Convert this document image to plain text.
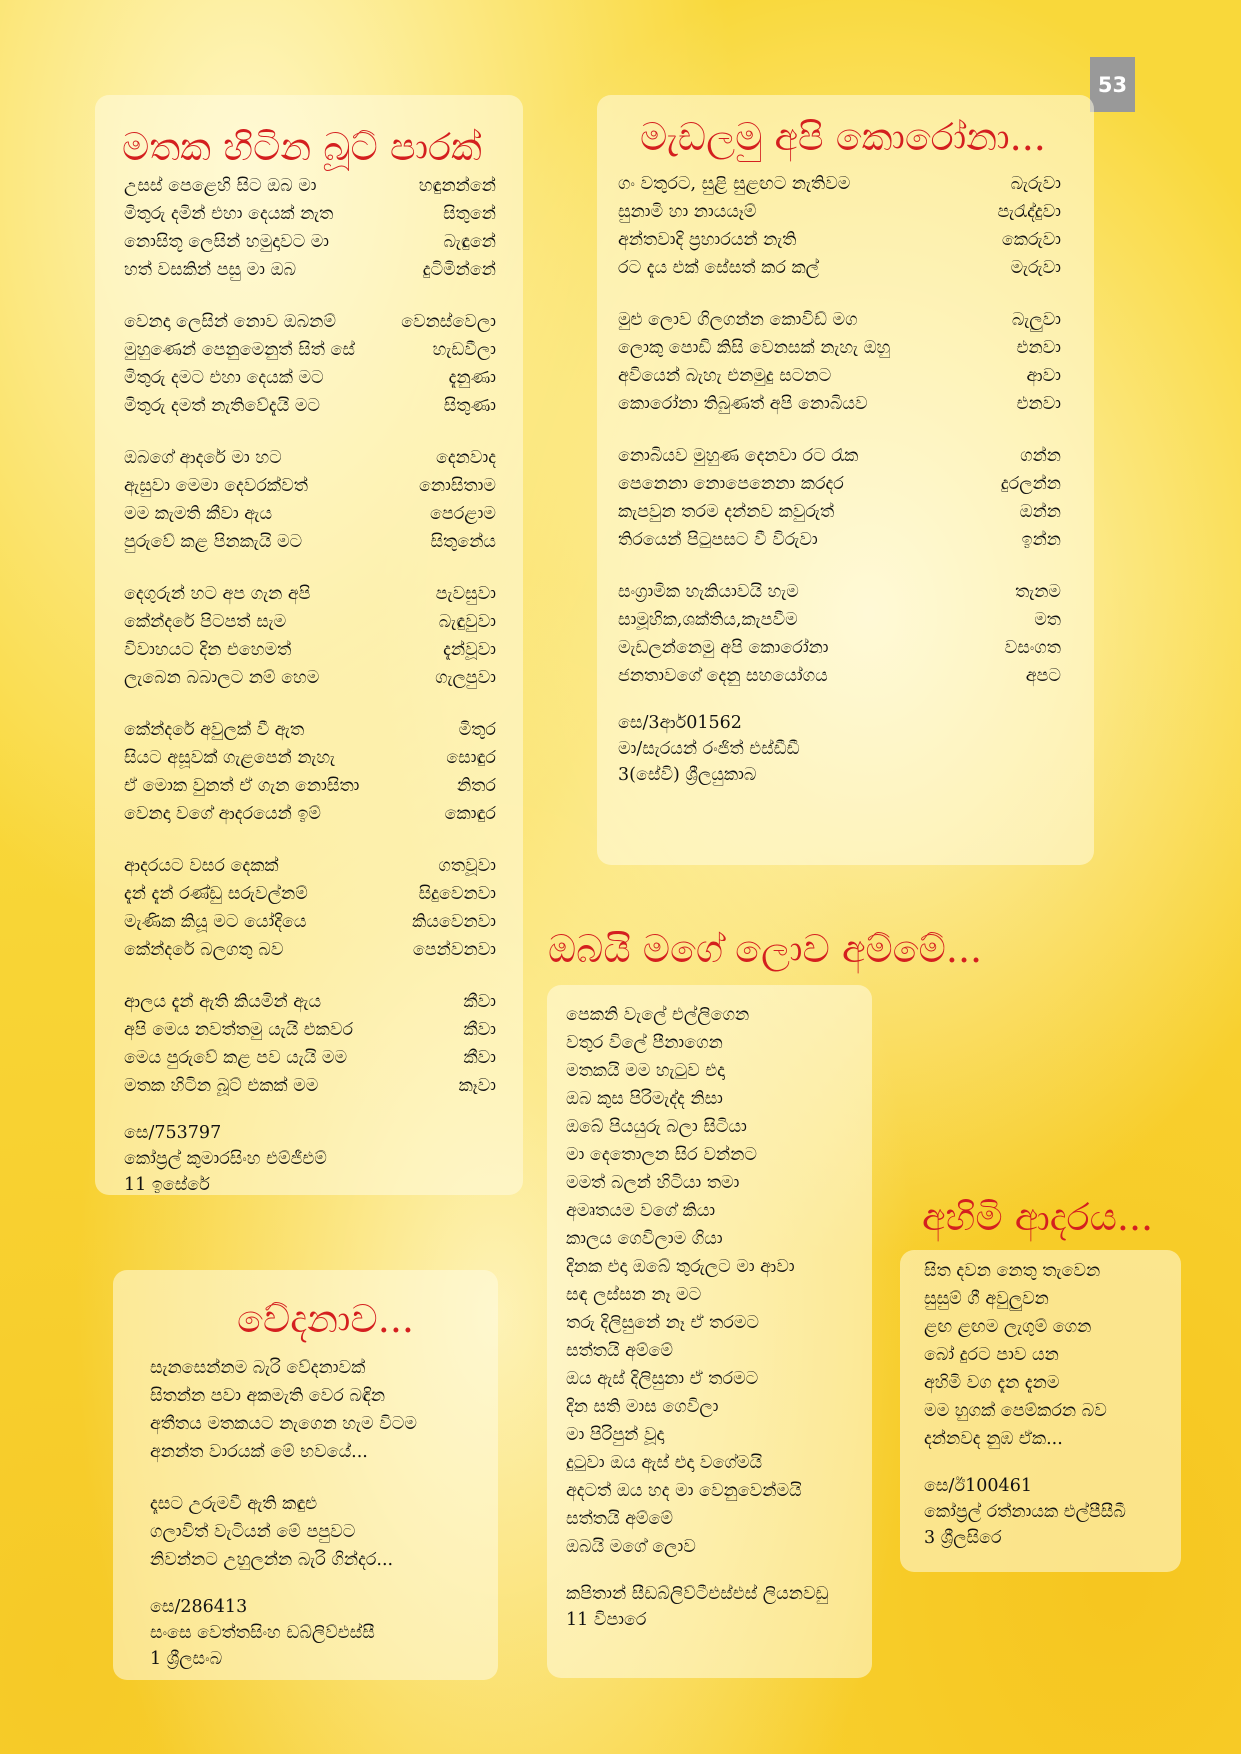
53
මතක හිටින බූට් පාරක්
උසස් පෙළෙහි සිට ඔබ මා	හඳුනන්නේ
මිතුරු දමින් එහා දෙයක් නැත	සිතුනේ
නොසිතූ ලෙසින් හමුදාවට මා	බැඳුනේ
හත් වසකින් පසු මා ඔබ	දුටිමින්නේ
වෙනදා ලෙසින් නොව ඔබනම්	වෙනස්වෙලා
මුහුණෙන් පෙනුමෙනුත් සිත් සේ	හැඩවීලා
මිතුරු දමට එහා දෙයක් මට	දැනුණා
මිතුරු දමත් නැතිවේදැයි මට	සිතුණා
ඔබගේ ආදරේ මා හට	දෙනවාද
ඇසුවා මෙමා දෙවරක්වත්	නොසිතාම
මම කැමති කීවා ඇය	පෙරළාම
පුරුවේ කළ පිනකැයි මට	සිතුනේය
දෙගුරුන් හට අප ගැන අපි	පැවසුවා
කේන්දරේ පිටපත් සැම	බැඳුවුවා
විවාහයට දින එහෙමත්	දැන්වූවා
ලැබෙන බබාලට නම් හෙම	ගැලපුවා
කේන්දරේ අවුලක් වී ඇත	මිතුර
සියට අසූවක් ගැළපෙන් නැහැ	සොඳුර
ඒ මොක වුනත් ඒ ගැන නොසිතා	නිතර
වෙනදා වගේ ආදරයෙන් ඉම්	කොඳුර
ආදරයට වසර දෙකක්	ගතවූවා
දැන් දැන් රණ්ඩු සරුවල්නම්	සිදුවෙනවා
මැණික කියූ මට යෝදියෙ	කියවෙනවා
කේන්දරේ බලගතු බව	පෙන්වනවා
ආලය දැන් ඇති කියමින් ඇය	කීවා
අපි මෙය නවත්තමු යැයි එකවර	කීවා
මෙය පුරුවේ කළ පව යැයි මම	කීවා
මතක හිටින බූට් එකක් මම	කෑවා
සෙ/753797
කෝප්‍රල් කුමාරසිංහ එම්ජීඑම්
11 ඉසේරේ
මැඩලමු අපි කොරෝනා...
ගං වතුරට, සුළි සුළඟට නැතිවම	බැරුවා
සුනාමි හා නායයෑම්	පැරැද්දුවා
අන්තවාදි ප්‍රහාරයන් නැති	කෙරුවා
රට දැය එක් සේසත් කර කල්	මැරුවා
මුළු ලොව ගිලගන්න කොවිඩ් මග	බැලුවා
ලොකු පොඩි කිසි වෙනසක් නැහැ ඔහු	එනවා
අවියෙන් බැහැ එනමුදු සටනට	ආවා
කොරෝනා තිබුණත් අපි නොබියව	එනවා
නොබියව මුහුණ දෙනවා රට රැක	ගන්න
පෙනෙනා නොපෙනෙනා කරදර	දුරලන්න
කැපවුන තරම දන්නව කවුරුත්	ඔන්න
තිරයෙන් පිටුපසට වී විරුවා	ඉන්න
සංග්‍රාමික හැකියාවයි හැම	තැනම
සාමූහික,ශක්තිය,කැපවීම	මත
මැඩලන්නෙමු අපි කොරෝනා	වසංගත
ජනතාවගේ දෙනු සහයෝගය	අපට
සෙ/3ආර්01562
මා/සැරයන් රංජිත් එස්ඩීඩී
3(සේවි) ශ්‍රීලයුකාබ
ඔබයි මගේ ලොව අම්මේ...
පෙකනි වැලේ එල්ලිගෙන
වතුර විලේ පීනාගෙන
මතකයි මම හැටුව එදා
ඔබ කුස පිරිමැද්ද නිසා
ඔබේ පියයුරු බලා සිටියා
මා දෙතොලන සිර වන්නට
මමත් බලන් හිටියා තමා
අමෘතයම වගේ කියා
කාලය ගෙවිලාම ගියා
දිනක එදා ඔබේ තුරුලට මා ආවා
සඳ ලස්සන නෑ මට
තරු දිලිසුනේ නෑ ඒ තරමට
සත්තයි අම්මේ
ඔය ඇස් දිලිසුනා ඒ තරමට
දින සති මාස ගෙවිලා
මා පිරිපුන් වූදා
දුටුවා ඔය ඇස් එදා වගේමයි
අදටත් ඔය හද මා වෙනුවෙන්මයි
සත්තයි අම්මේ
ඔබයි මගේ ලොව
කපිතාන් සීඩබ්ලිව්ටීඑස්එස් ලියනවඩු
11 විපාරෙ
වේදනාව...
සැනසෙන්නම බැරි වේදනාවක්
සිතන්න පවා අකමැති වෙර බඳින
අතීතය මතකයට නැගෙන හැම විටම
අනන්ත වාරයක් මේ භවයේ...
දෑසට උරුමවී ඇති කඳුළු
ගලාවිත් වැටියන් මේ පපුවට
නිවන්නට උහුලන්න බැරි ගින්දර...
සෙ/286413
සංසෙ වෙත්තසිංහ ඩබ්ලිව්එස්සී
1 ශ්‍රීලසංබ
අහිමි ආදරය...
සිත දවන නෙතු තැවෙන
සුසුම් ගී අවුලුවන
ළඟ ළඟම ලැගුම් ගෙන
බෝ දුරට පාව යන
අහිමි වග දැන දැනම
මම හුගක් පෙම්කරන බව
දන්නවද නුඹ ඒක...
සෙ/ඊ100461
කෝප්‍රල් රත්නායක එල්පීසීබී
3 ශ්‍රීලසිරෙ
